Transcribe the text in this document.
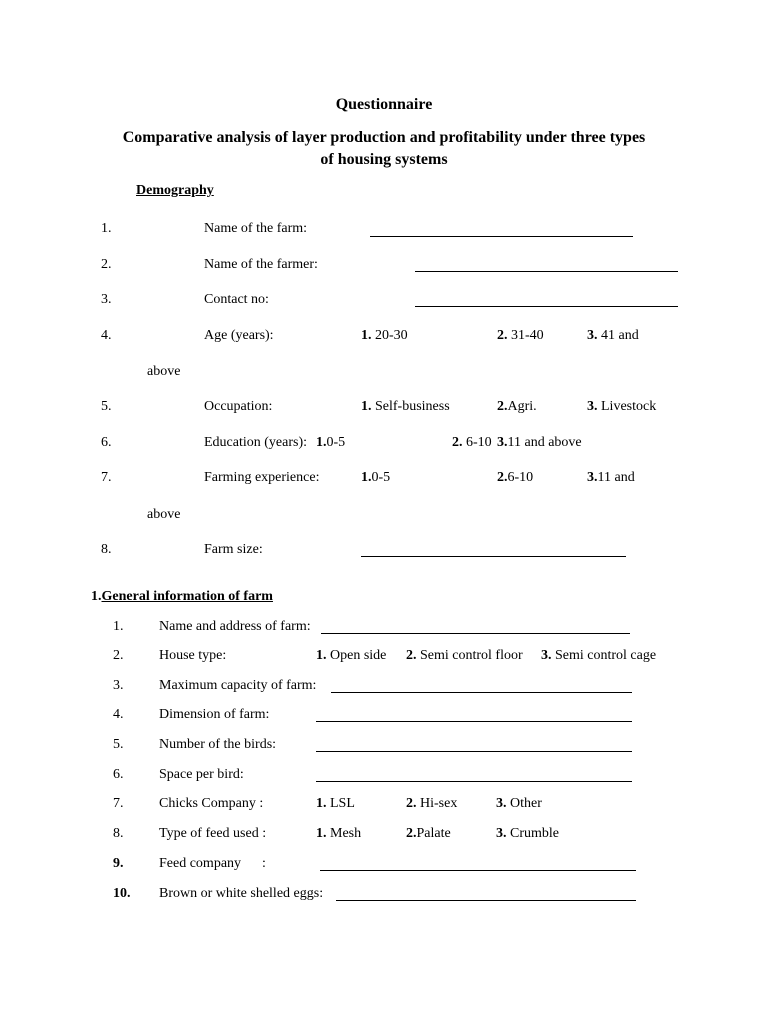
Questionnaire
Comparative analysis of layer production and profitability under three types
of housing systems
Demography
1.	Name of the farm:
2.	Name of the farmer:
3.	Contact no:
4.	Age (years):	1. 20-30	2. 31-40	3. 41 and
above
5.	Occupation:	1. Self-business	2.Agri.	3. Livestock
6.	Education (years): 1.0-5	2. 6-10 3.11 and above
7.	Farming experience:	1.0-5	2.6-10	3.11 and
above
8.	Farm size:
1.General information of farm
1.	Name and address of farm:
2.	House type:	1. Open side 2. Semi control floor 3. Semi control cage
3.	Maximum capacity of farm:
4.	Dimension of farm:
5.	Number of the birds:
6.	Space per bird:
7.	Chicks Company :	1. LSL	2. Hi-sex	3. Other
8.	Type of feed used :	1. Mesh	2.Palate	3. Crumble
9.	Feed company      :
10. Brown or white shelled eggs:
